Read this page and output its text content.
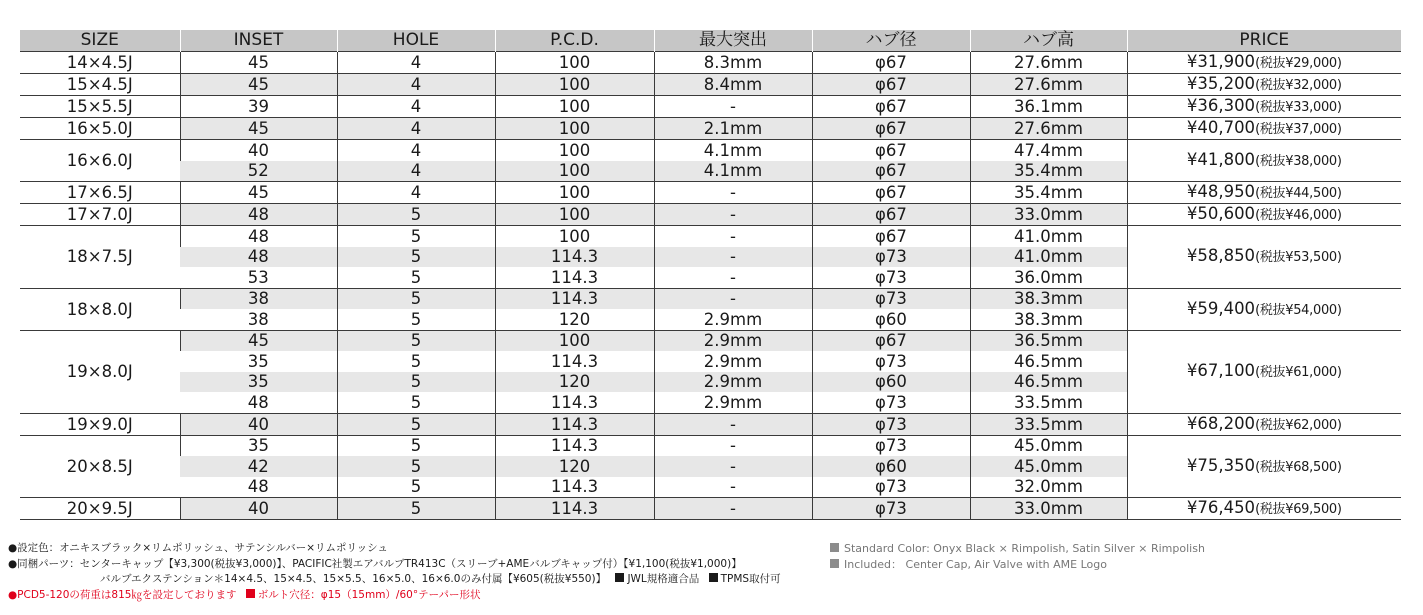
SIZE	INSET	HOLE	P.C.D.	最大突出	ハブ径	ハブ高	PRICE
14×4.5J	45	4	100	8.3mm	φ67	27.6mm	¥31,900(税抜¥29,000)
15×4.5J	45	4	100	8.4mm	φ67	27.6mm	¥35,200(税抜¥32,000)
15×5.5J	39	4	100	-	φ67	36.1mm	¥36,300(税抜¥33,000)
16×5.0J	45	4	100	2.1mm	φ67	27.6mm	¥40,700(税抜¥37,000)
16×6.0J	40	4	100	4.1mm	φ67	47.4mm	¥41,800(税抜¥38,000)
	52	4	100	4.1mm	φ67	35.4mm	
17×6.5J	45	4	100	-	φ67	35.4mm	¥48,950(税抜¥44,500)
17×7.0J	48	5	100	-	φ67	33.0mm	¥50,600(税抜¥46,000)
18×7.5J	48	5	100	-	φ67	41.0mm	¥58,850(税抜¥53,500)
	48	5	114.3	-	φ73	41.0mm	
	53	5	114.3	-	φ73	36.0mm	
18×8.0J	38	5	114.3	-	φ73	38.3mm	¥59,400(税抜¥54,000)
	38	5	120	2.9mm	φ60	38.3mm	
19×8.0J	45	5	100	2.9mm	φ67	36.5mm	¥67,100(税抜¥61,000)
	35	5	114.3	2.9mm	φ73	46.5mm	
	35	5	120	2.9mm	φ60	46.5mm	
	48	5	114.3	2.9mm	φ73	33.5mm	
19×9.0J	40	5	114.3	-	φ73	33.5mm	¥68,200(税抜¥62,000)
20×8.5J	35	5	114.3	-	φ73	45.0mm	¥75,350(税抜¥68,500)
	42	5	120	-	φ60	45.0mm	
	48	5	114.3	-	φ73	32.0mm	
20×9.5J	40	5	114.3	-	φ73	33.0mm	¥76,450(税抜¥69,500)
●設定色：オニキスブラック×リムポリッシュ、サテンシルバー×リムポリッシュ
●同梱パーツ：センターキャップ【¥3,300(税抜¥3,000)】、PACIFIC社製エアバルブTR413C（スリーブ+AMEバルブキャップ付）【¥1,100(税抜¥1,000)】
バルブエクステンション＊14×4.5、15×4.5、15×5.5、16×5.0、16×6.0のみ付属【¥605(税抜¥550)】 JWL規格適合品 TPMS取付可
●PCD5-120の荷重は815㎏を設定しております ボルト穴径：φ15（15mm）/60°テーパー形状
Standard Color: Onyx Black × Rimpolish, Satin Silver × Rimpolish
Included： Center Cap, Air Valve with AME Logo
